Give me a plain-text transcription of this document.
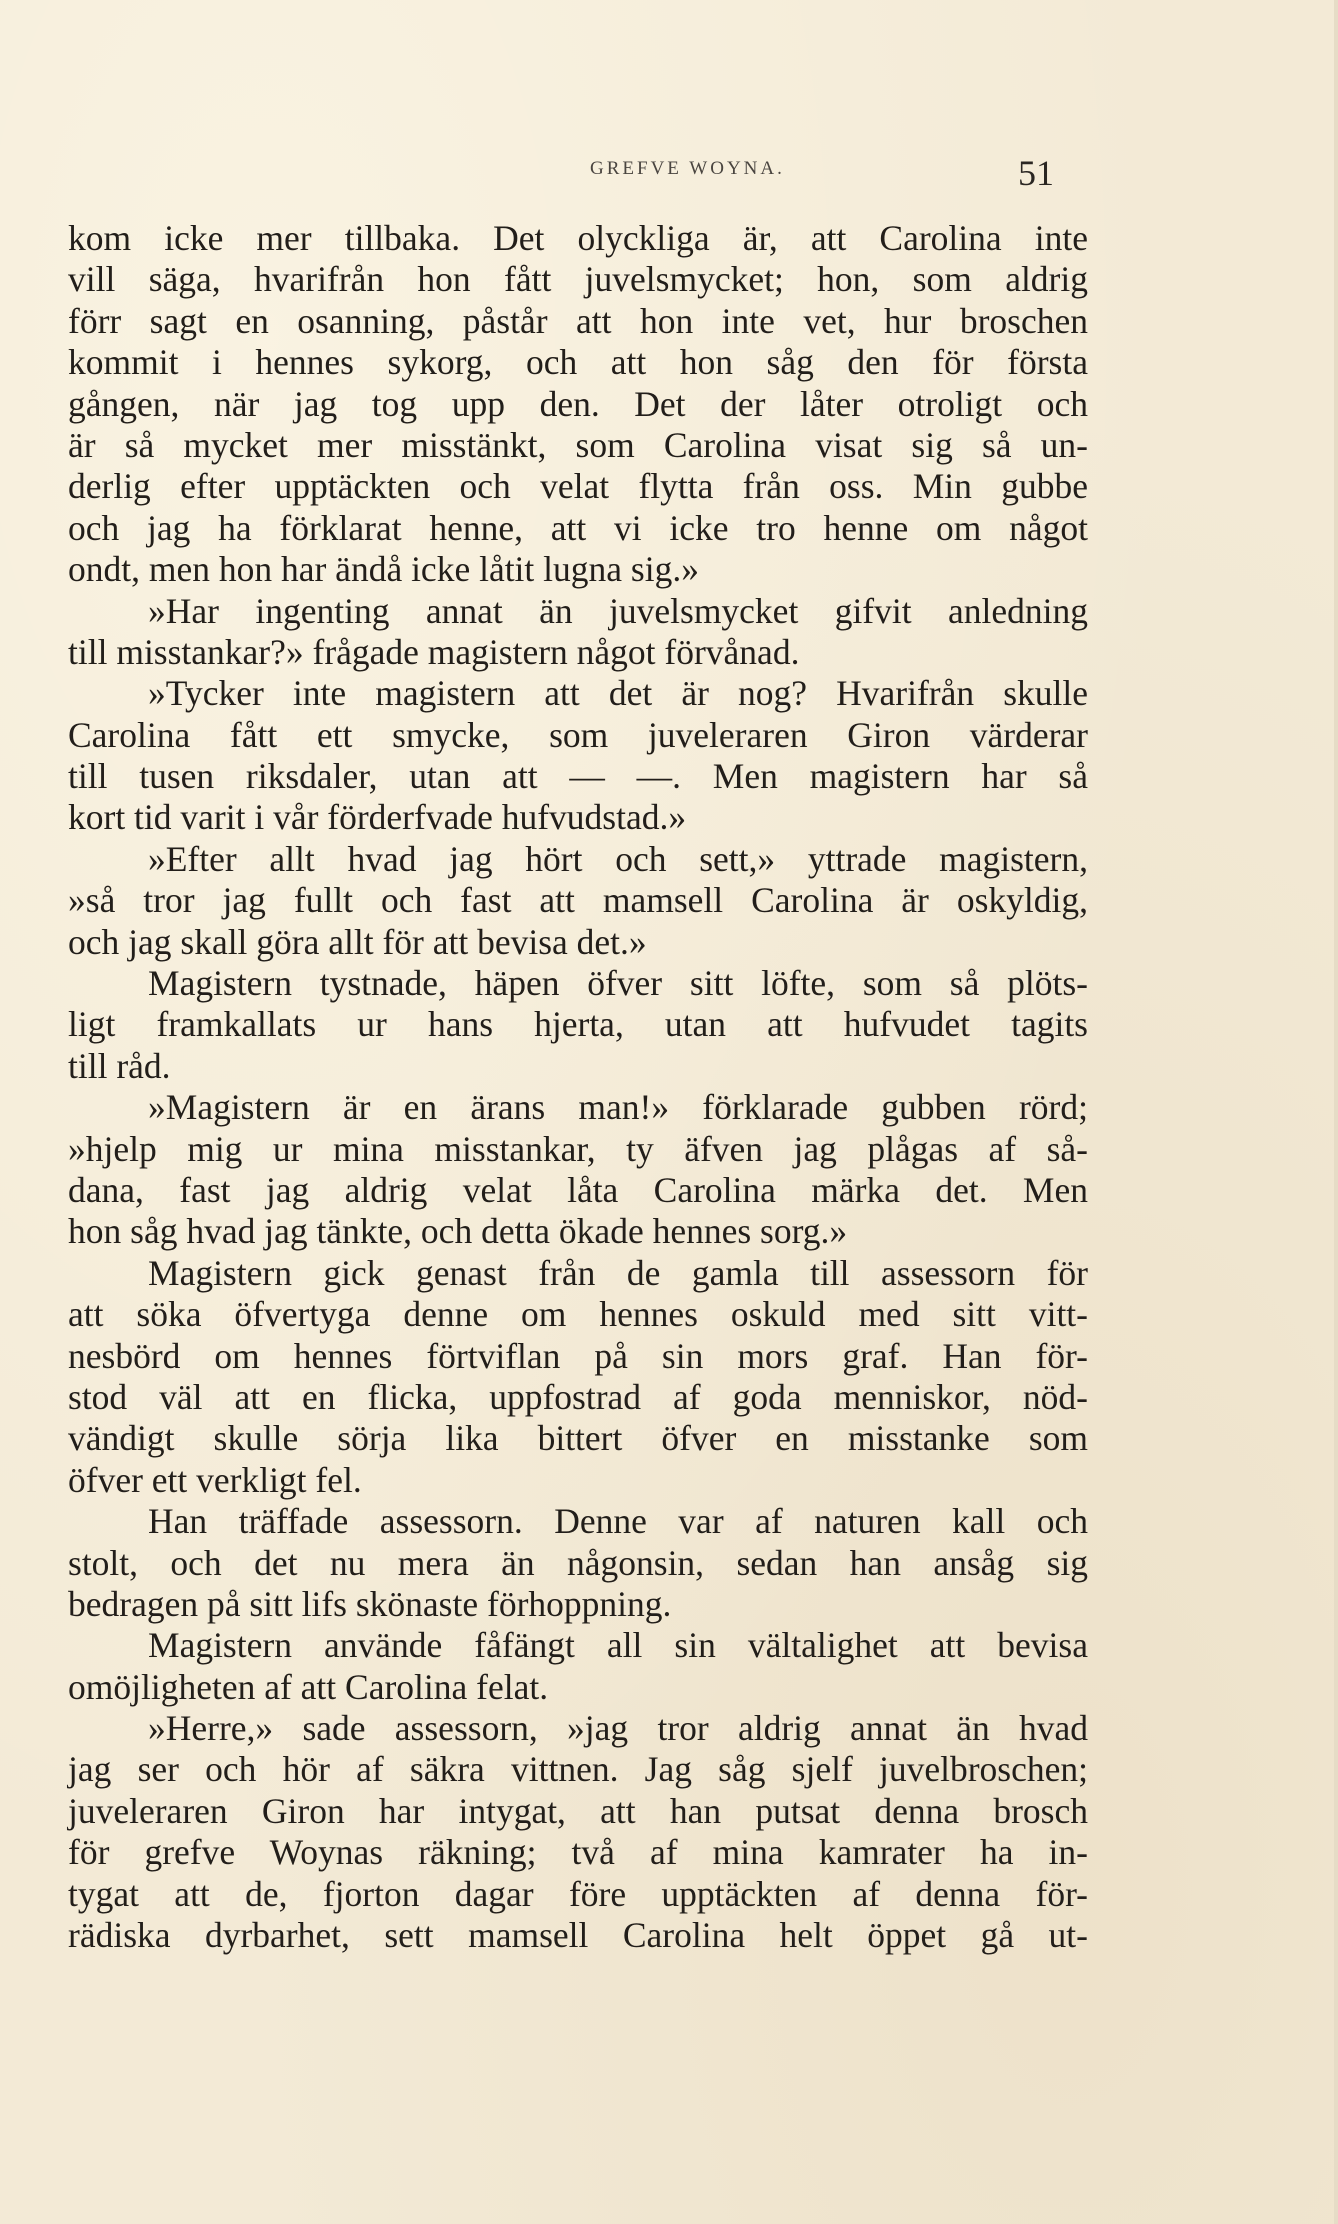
GREFVE WOYNA.	51
kom icke mer tillbaka. Det olyckliga är, att Carolina inte
vill säga, hvarifrån hon fått juvelsmycket; hon, som aldrig
förr sagt en osanning, påstår att hon inte vet, hur broschen
kommit i hennes sykorg, och att hon såg den för första
gången, när jag tog upp den. Det der låter otroligt och
är så mycket mer misstänkt, som Carolina visat sig så un-
derlig efter upptäckten och velat flytta från oss. Min gubbe
och jag ha förklarat henne, att vi icke tro henne om något
ondt, men hon har ändå icke låtit lugna sig.»
»Har ingenting annat än juvelsmycket gifvit anledning
till misstankar?» frågade magistern något förvånad.
»Tycker inte magistern att det är nog? Hvarifrån skulle
Carolina fått ett smycke, som juveleraren Giron värderar
till tusen riksdaler, utan att — —. Men magistern har så
kort tid varit i vår förderfvade hufvudstad.»
»Efter allt hvad jag hört och sett,» yttrade magistern,
»så tror jag fullt och fast att mamsell Carolina är oskyldig,
och jag skall göra allt för att bevisa det.»
Magistern tystnade, häpen öfver sitt löfte, som så plöts-
ligt framkallats ur hans hjerta, utan att hufvudet tagits
till råd.
»Magistern är en ärans man!» förklarade gubben rörd;
»hjelp mig ur mina misstankar, ty äfven jag plågas af så-
dana, fast jag aldrig velat låta Carolina märka det. Men
hon såg hvad jag tänkte, och detta ökade hennes sorg.»
Magistern gick genast från de gamla till assessorn för
att söka öfvertyga denne om hennes oskuld med sitt vitt-
nesbörd om hennes förtviflan på sin mors graf. Han för-
stod väl att en flicka, uppfostrad af goda menniskor, nöd-
vändigt skulle sörja lika bittert öfver en misstanke som
öfver ett verkligt fel.
Han träffade assessorn. Denne var af naturen kall och
stolt, och det nu mera än någonsin, sedan han ansåg sig
bedragen på sitt lifs skönaste förhoppning.
Magistern använde fåfängt all sin vältalighet att bevisa
omöjligheten af att Carolina felat.
»Herre,» sade assessorn, »jag tror aldrig annat än hvad
jag ser och hör af säkra vittnen. Jag såg sjelf juvelbroschen;
juveleraren Giron har intygat, att han putsat denna brosch
för grefve Woynas räkning; två af mina kamrater ha in-
tygat att de, fjorton dagar före upptäckten af denna för-
rädiska dyrbarhet, sett mamsell Carolina helt öppet gå ut-
